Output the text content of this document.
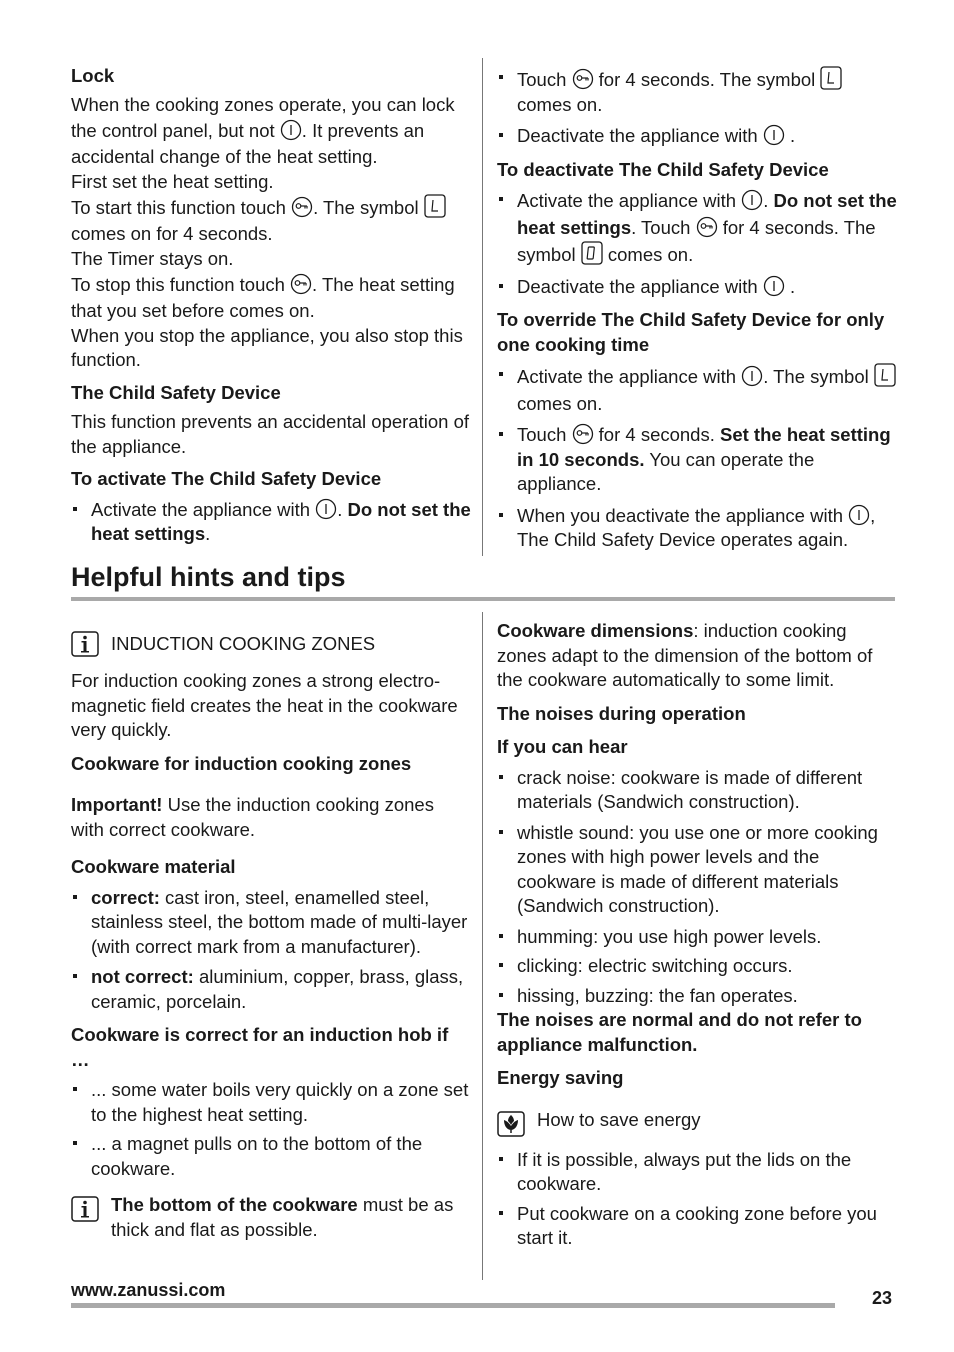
Lock

When the cooking zones operate, you can lock the control panel, but not . It prevents an accidental change of the heat setting.

First set the heat setting.

To start this function touch . The symbol  comes on for 4 seconds.

The Timer stays on.

To stop this function touch . The heat setting that you set before comes on.

When you stop the appliance, you also stop this function.

The Child Safety Device

This function prevents an accidental operation of the appliance.

To activate The Child Safety Device

Activate the appliance with . Do not set the heat settings.
Touch for 4 seconds. The symbol  comes on.
Deactivate the appliance with .

To deactivate The Child Safety Device

Activate the appliance with . Do not set the heat settings. Touch for 4 seconds. The symbol comes on.
Deactivate the appliance with .

To override The Child Safety Device for only one cooking time

Activate the appliance with . The symbol  comes on.
Touch for 4 seconds. Set the heat setting in 10 seconds. You can operate the appliance.
When you deactivate the appliance with , The Child Safety Device operates again.
Helpful hints and tips
INDUCTION COOKING ZONES

For induction cooking zones a strong electro-magnetic field creates the heat in the cookware very quickly.

Cookware for induction cooking zones

Important! Use the induction cooking zones with correct cookware.

Cookware material

correct: cast iron, steel, enamelled steel, stainless steel, the bottom made of multi-layer (with correct mark from a manufacturer).
not correct: aluminium, copper, brass, glass, ceramic, porcelain.

Cookware is correct for an induction hob if …

... some water boils very quickly on a zone set to the highest heat setting.
... a magnet pulls on to the bottom of the cookware.
The bottom of the cookware must be as thick and flat as possible.

Cookware dimensions: induction cooking zones adapt to the dimension of the bottom of the cookware automatically to some limit.

The noises during operation

If you can hear

crack noise: cookware is made of different materials (Sandwich construction).
whistle sound: you use one or more cooking zones with high power levels and the cookware is made of different materials (Sandwich construction).
humming: you use high power levels.
clicking: electric switching occurs.
hissing, buzzing: the fan operates.

The noises are normal and do not refer to appliance malfunction.

Energy saving

How to save energy
If it is possible, always put the lids on the cookware.
Put cookware on a cooking zone before you start it.
www.zanussi.com	23
